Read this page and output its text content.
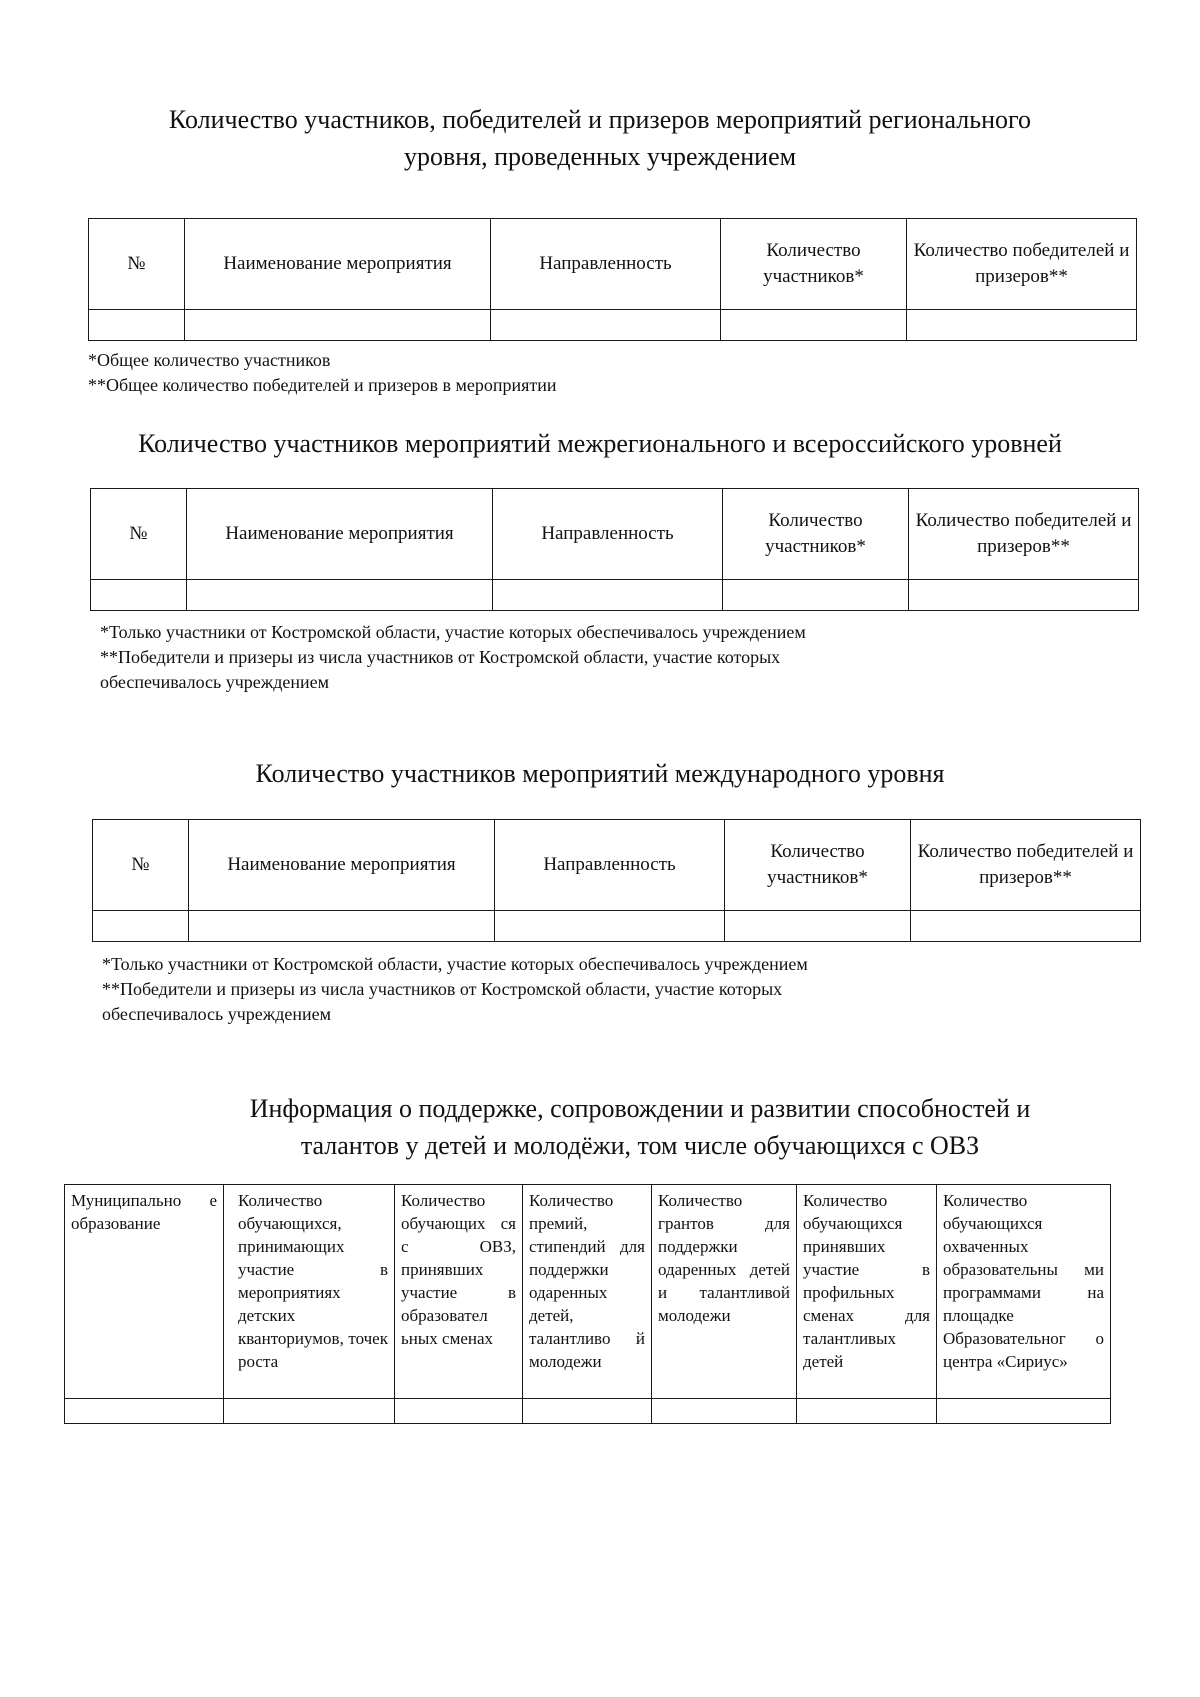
Количество участников, победителей и призеров мероприятий регионального
уровня, проведенных учреждением
№	Наименование мероприятия	Направленность	Количество участников*	Количество победителей и призеров**

*Общее количество участников

**Общее количество победителей и призеров в мероприятии

Количество участников мероприятий межрегионального и всероссийского уровней
№	Наименование мероприятия	Направленность	Количество участников*	Количество победителей и призеров**

*Только участники от Костромской области, участие которых обеспечивалось учреждением

**Победители и призеры из числа участников от Костромской области, участие которых

обеспечивалось учреждением

Количество участников мероприятий международного уровня
№	Наименование мероприятия	Направленность	Количество участников*	Количество победителей и призеров**

*Только участники от Костромской области, участие которых обеспечивалось учреждением

**Победители и призеры из числа участников от Костромской области, участие которых

обеспечивалось учреждением

Информация о поддержке, сопровождении и развитии способностей и
талантов у детей и молодёжи, том числе обучающихся с ОВЗ
Муниципально е образование	Количество обучающихся, принимающих участие в мероприятиях детских кванториумов, точек роста	Количество обучающих ся с ОВЗ, принявших участие в образовател ьных сменах	Количество премий, стипендий для поддержки одаренных детей, талантливо й молодежи	Количество грантов для поддержки одаренных детей и талантливой молодежи	Количество обучающихся принявших участие в профильных сменах для талантливых детей	Количество обучающихся охваченных образовательны ми программами на площадке Образовательног о центра «Сириус»
